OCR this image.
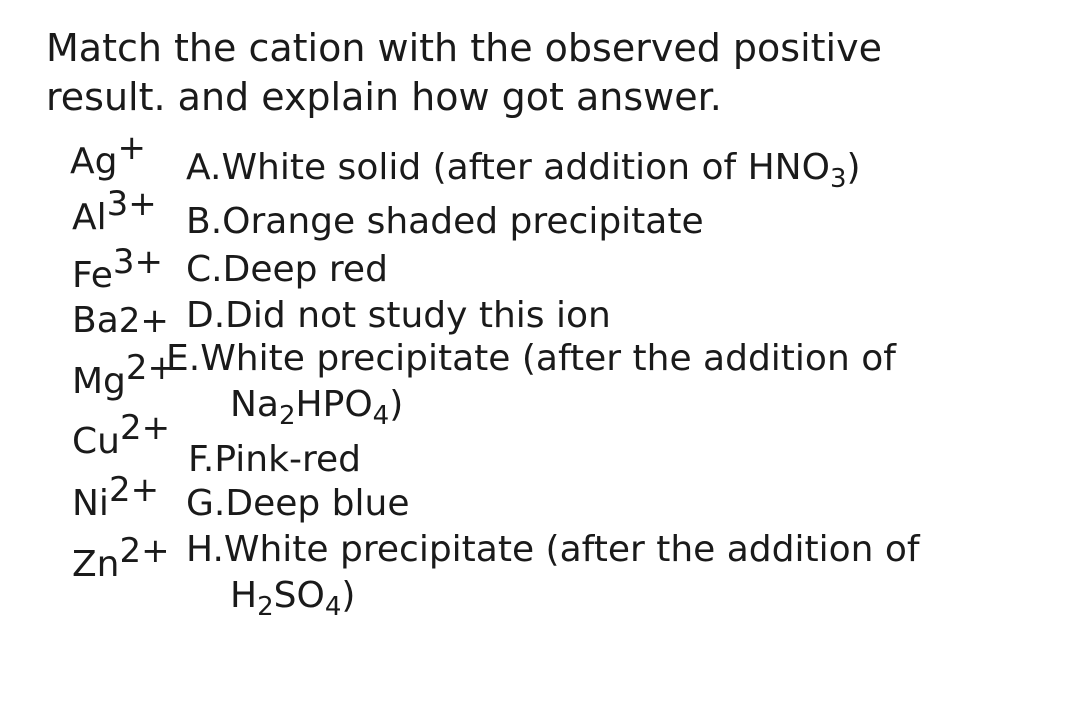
Match the cation with the observed positive
result. and explain how got answer.
Ag+
Al3+
Fe3+
Ba2+
Mg2+
Cu2+
Ni2+
Zn2+
A.White solid (after addition of $HNO_3$)
B.Orange shaded precipitate
C.Deep red
D.Did not study this ion
E.White precipitate (after the addition of
$Na_2HPO_4$)
F.Pink-red
G.Deep blue
H.White precipitate (after the addition of
$H_2SO_4$)
